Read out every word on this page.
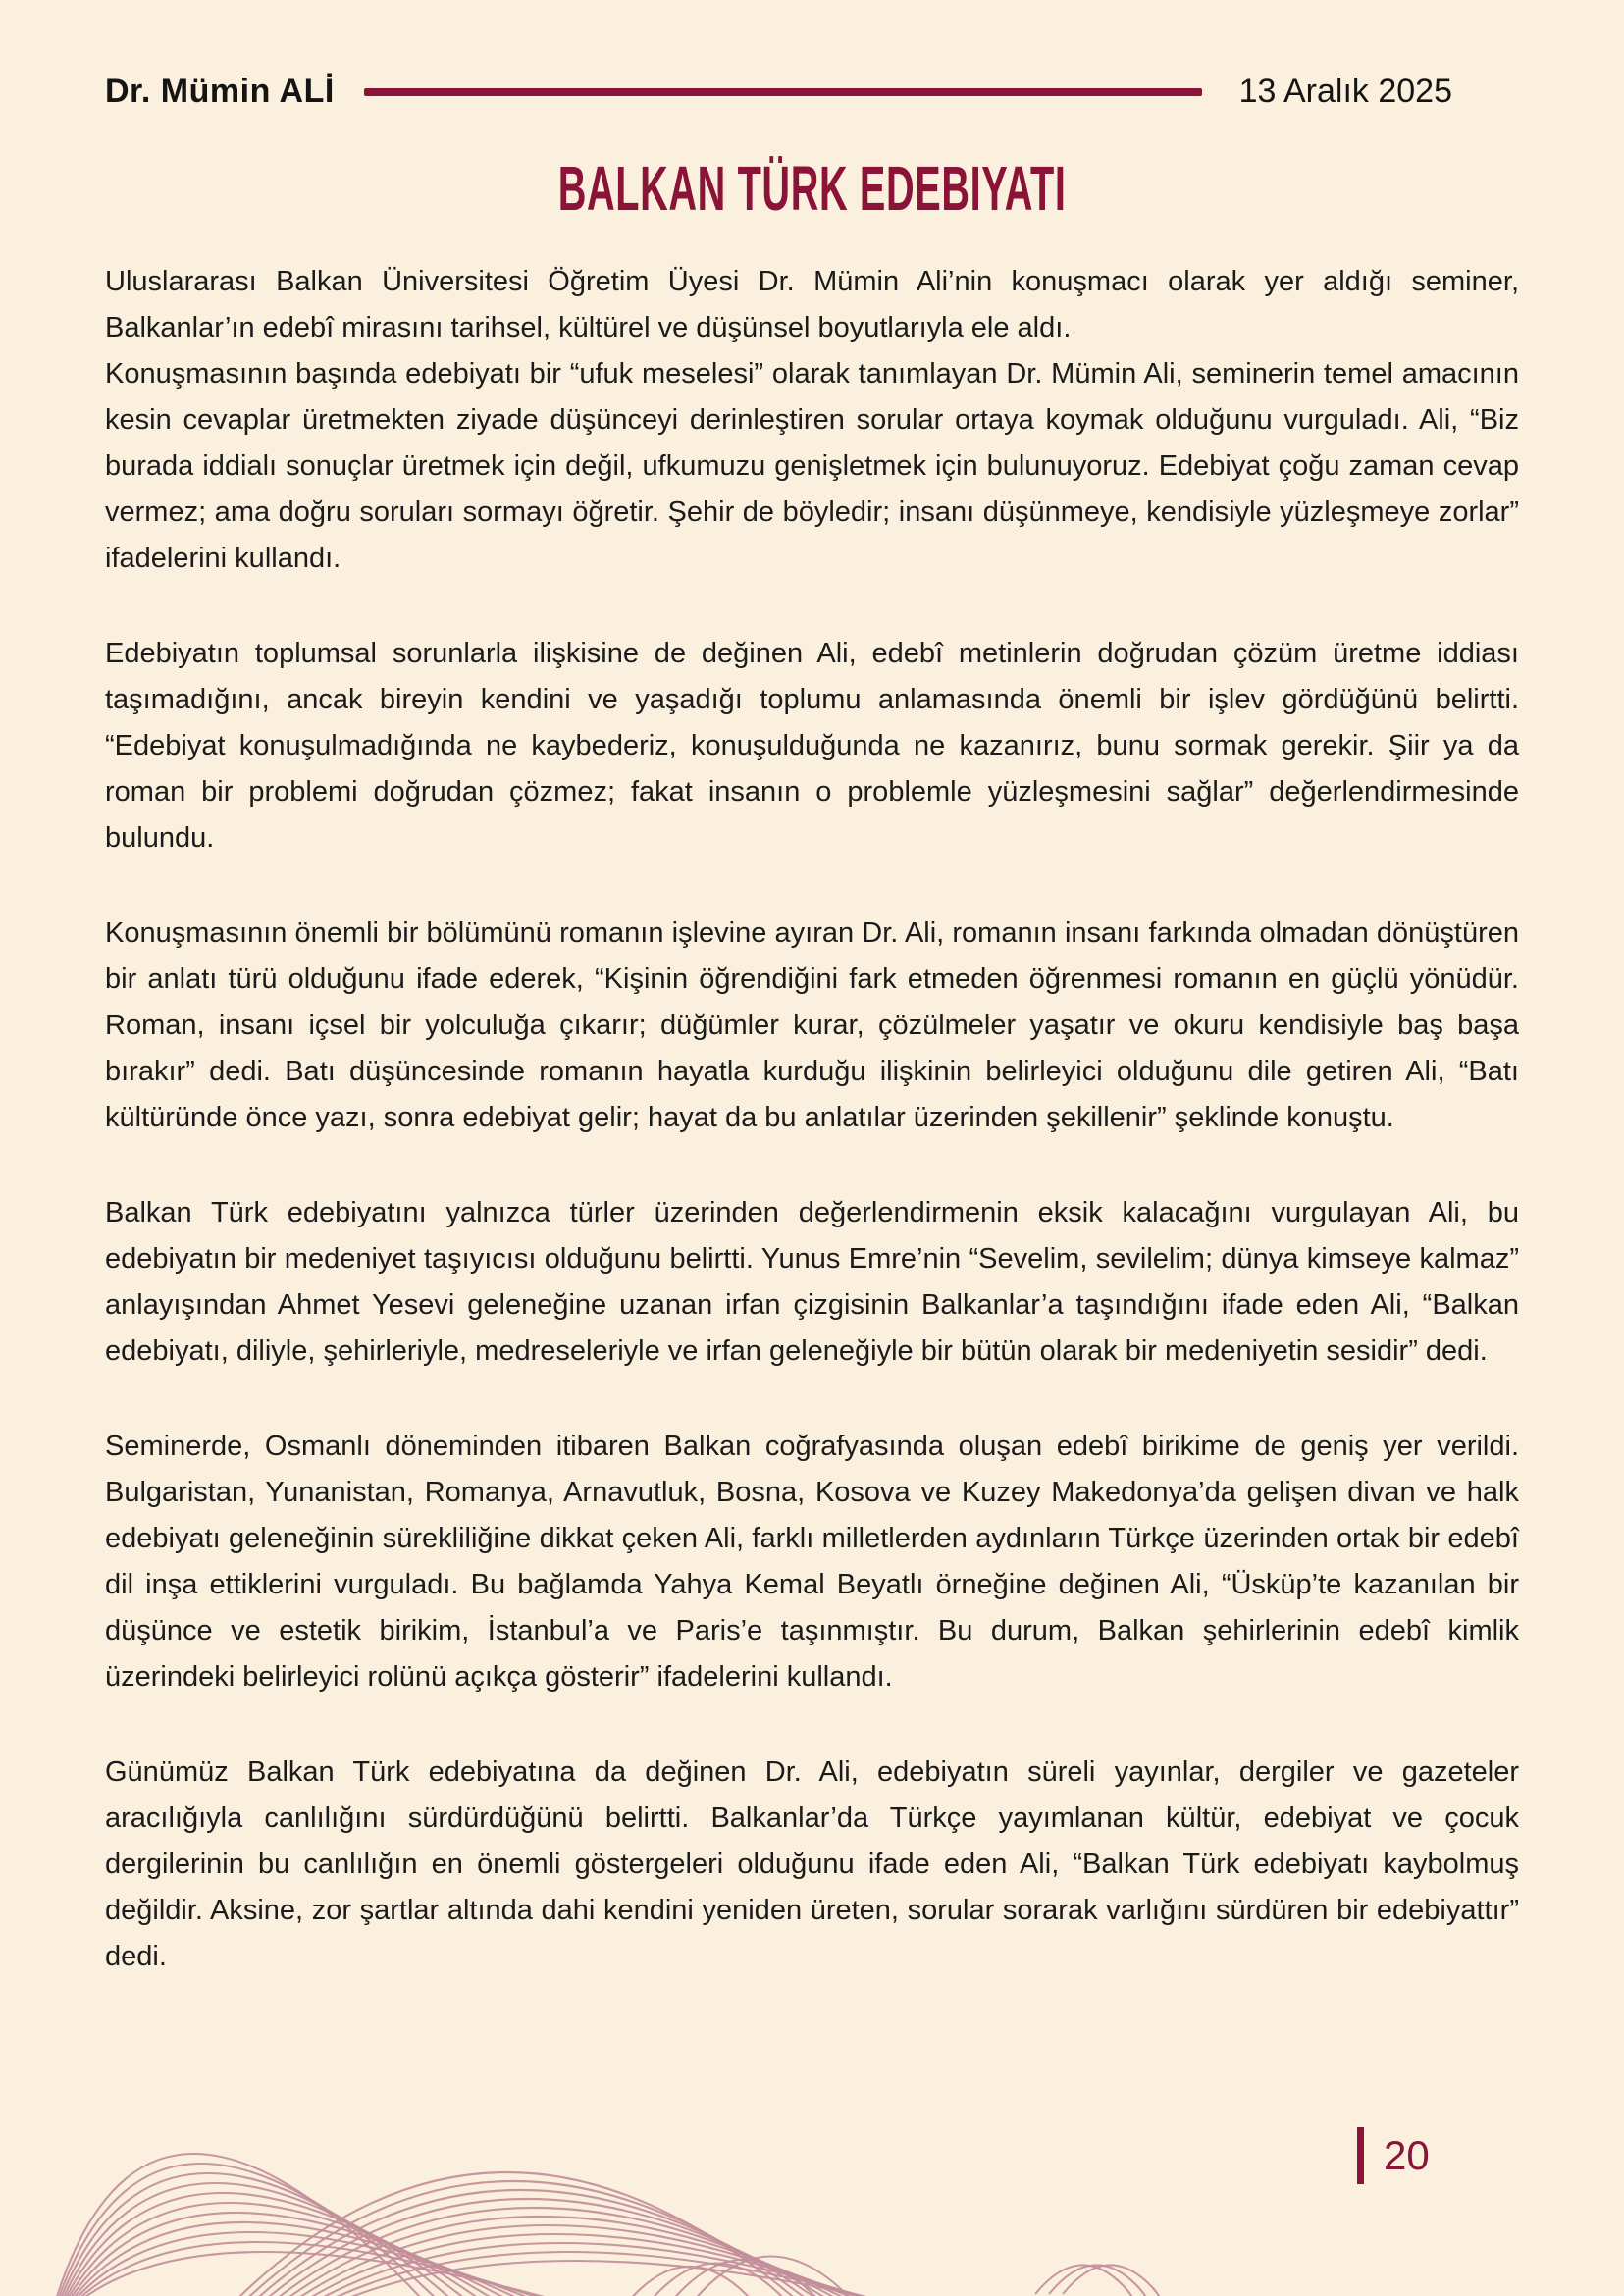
Dr. Mümin ALİ	13 Aralık 2025
BALKAN TÜRK EDEBIYATI

Uluslararası Balkan Üniversitesi Öğretim Üyesi Dr. Mümin Ali’nin konuşmacı olarak yer aldığı seminer, Balkanlar’ın edebî mirasını tarihsel, kültürel ve düşünsel boyutlarıyla ele aldı.

Konuşmasının başında edebiyatı bir “ufuk meselesi” olarak tanımlayan Dr. Mümin Ali, seminerin temel amacının kesin cevaplar üretmekten ziyade düşünceyi derinleştiren sorular ortaya koymak olduğunu vurguladı. Ali, “Biz burada iddialı sonuçlar üretmek için değil, ufkumuzu genişletmek için bulunuyoruz. Edebiyat çoğu zaman cevap vermez; ama doğru soruları sormayı öğretir. Şehir de böyledir; insanı düşünmeye, kendisiyle yüzleşmeye zorlar” ifadelerini kullandı.

Edebiyatın toplumsal sorunlarla ilişkisine de değinen Ali, edebî metinlerin doğrudan çözüm üretme iddiası taşımadığını, ancak bireyin kendini ve yaşadığı toplumu anlamasında önemli bir işlev gördüğünü belirtti. “Edebiyat konuşulmadığında ne kaybederiz, konuşulduğunda ne kazanırız, bunu sormak gerekir. Şiir ya da roman bir problemi doğrudan çözmez; fakat insanın o problemle yüzleşmesini sağlar” değerlendirmesinde bulundu.

Konuşmasının önemli bir bölümünü romanın işlevine ayıran Dr. Ali, romanın insanı farkında olmadan dönüştüren bir anlatı türü olduğunu ifade ederek, “Kişinin öğrendiğini fark etmeden öğrenmesi romanın en güçlü yönüdür. Roman, insanı içsel bir yolculuğa çıkarır; düğümler kurar, çözülmeler yaşatır ve okuru kendisiyle baş başa bırakır” dedi. Batı düşüncesinde romanın hayatla kurduğu ilişkinin belirleyici olduğunu dile getiren Ali, “Batı kültüründe önce yazı, sonra edebiyat gelir; hayat da bu anlatılar üzerinden şekillenir” şeklinde konuştu.

Balkan Türk edebiyatını yalnızca türler üzerinden değerlendirmenin eksik kalacağını vurgulayan Ali, bu edebiyatın bir medeniyet taşıyıcısı olduğunu belirtti. Yunus Emre’nin “Sevelim, sevilelim; dünya kimseye kalmaz” anlayışından Ahmet Yesevi geleneğine uzanan irfan çizgisinin Balkanlar’a taşındığını ifade eden Ali, “Balkan edebiyatı, diliyle, şehirleriyle, medreseleriyle ve irfan geleneğiyle bir bütün olarak bir medeniyetin sesidir” dedi.

Seminerde, Osmanlı döneminden itibaren Balkan coğrafyasında oluşan edebî birikime de geniş yer verildi. Bulgaristan, Yunanistan, Romanya, Arnavutluk, Bosna, Kosova ve Kuzey Makedonya’da gelişen divan ve halk edebiyatı geleneğinin sürekliliğine dikkat çeken Ali, farklı milletlerden aydınların Türkçe üzerinden ortak bir edebî dil inşa ettiklerini vurguladı. Bu bağlamda Yahya Kemal Beyatlı örneğine değinen Ali, “Üsküp’te kazanılan bir düşünce ve estetik birikim, İstanbul’a ve Paris’e taşınmıştır. Bu durum, Balkan şehirlerinin edebî kimlik üzerindeki belirleyici rolünü açıkça gösterir” ifadelerini kullandı.

Günümüz Balkan Türk edebiyatına da değinen Dr. Ali, edebiyatın süreli yayınlar, dergiler ve gazeteler aracılığıyla canlılığını sürdürdüğünü belirtti. Balkanlar’da Türkçe yayımlanan kültür, edebiyat ve çocuk dergilerinin bu canlılığın en önemli göstergeleri olduğunu ifade eden Ali, “Balkan Türk edebiyatı kaybolmuş değildir. Aksine, zor şartlar altında dahi kendini yeniden üreten, sorular sorarak varlığını sürdüren bir edebiyattır” dedi.

20
